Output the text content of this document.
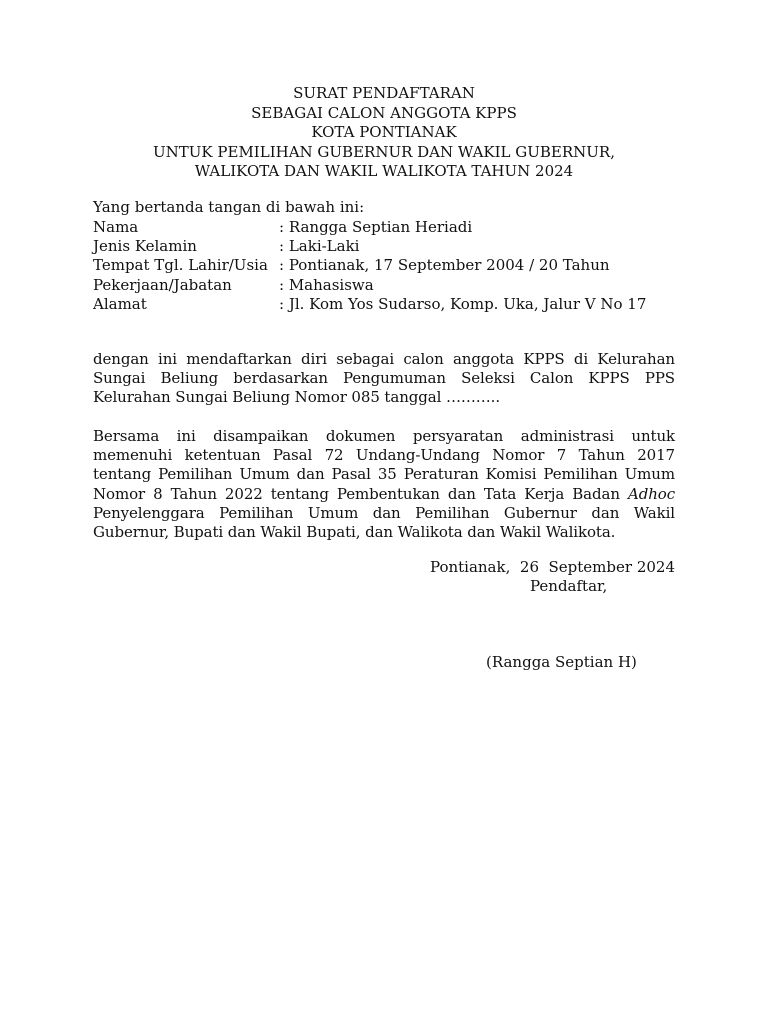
SURAT PENDAFTARAN
SEBAGAI CALON ANGGOTA KPPS
KOTA PONTIANAK
UNTUK PEMILIHAN GUBERNUR DAN WAKIL GUBERNUR,
WALIKOTA DAN WAKIL WALIKOTA TAHUN 2024
Yang bertanda tangan di bawah ini:
Nama	: Rangga Septian Heriadi
Jenis Kelamin	: Laki-Laki
Tempat Tgl. Lahir/Usia : Pontianak, 17 September 2004 / 20 Tahun
Pekerjaan/Jabatan	: Mahasiswa
Alamat	: Jl. Kom Yos Sudarso, Komp. Uka, Jalur V No 17
dengan ini mendaftarkan diri sebagai calon anggota KPPS di Kelurahan Sungai Beliung berdasarkan Pengumuman Seleksi Calon KPPS PPS Kelurahan Sungai Beliung Nomor 085 tanggal ………..
Bersama ini disampaikan dokumen persyaratan administrasi untuk memenuhi ketentuan Pasal 72 Undang-Undang Nomor 7 Tahun 2017 tentang Pemilihan Umum dan Pasal 35 Peraturan Komisi Pemilihan Umum Nomor 8 Tahun 2022 tentang Pembentukan dan Tata Kerja Badan Adhoc Penyelenggara Pemilihan Umum dan Pemilihan Gubernur dan Wakil Gubernur, Bupati dan Wakil Bupati, dan Walikota dan Wakil Walikota.
Pontianak,  26  September 2024
Pendaftar,
(Rangga Septian H)
